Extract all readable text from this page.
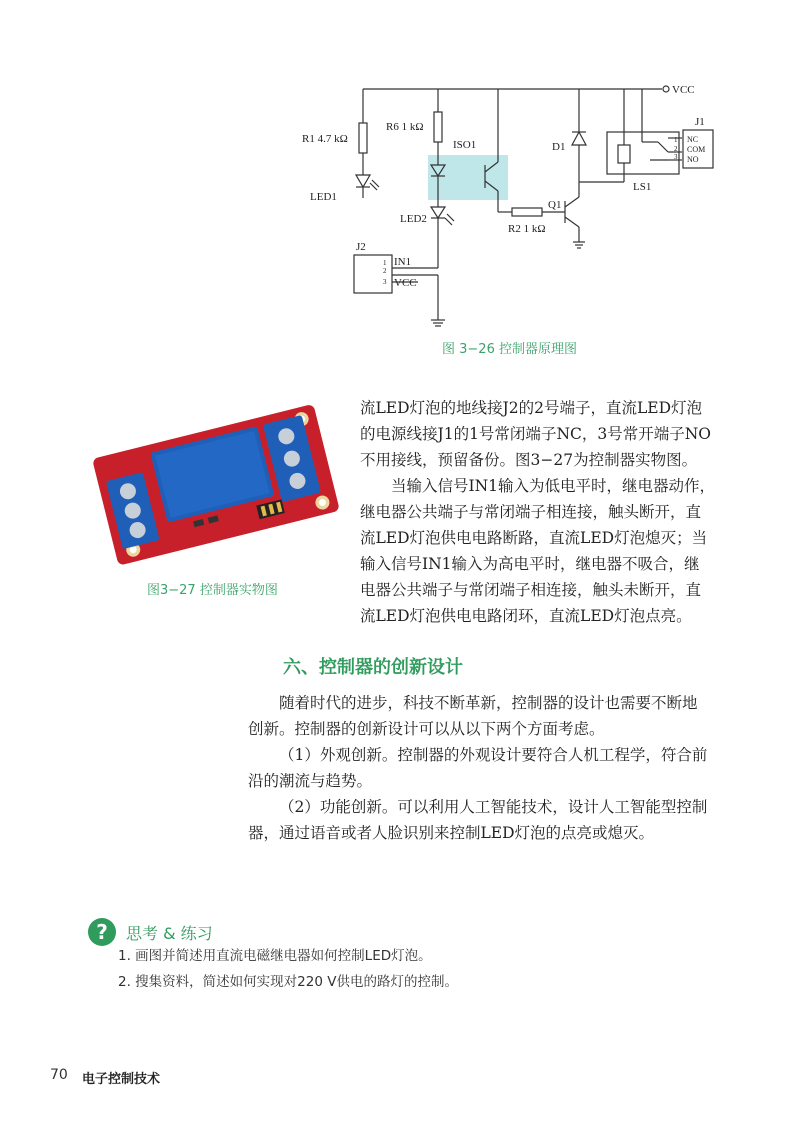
VCC
R1 4.7 kΩ
R6 1 kΩ
ISO1	D1
J1
1
2
3
NC
COM
NO
LS1
LED1
LED2
Q1
R2 1 kΩ
J2
1
2
3
IN1
VCC
图 3−26 控制器原理图
图3−27 控制器实物图

流LED灯泡的地线接J2的2号端子，直流LED灯泡

的电源线接J1的1号常闭端子NC，3号常开端子NO

不用接线，预留备份。图3−27为控制器实物图。

当输入信号IN1输入为低电平时，继电器动作，

继电器公共端子与常闭端子相连接，触头断开，直

流LED灯泡供电电路断路，直流LED灯泡熄灭；当

输入信号IN1输入为高电平时，继电器不吸合，继

电器公共端子与常闭端子相连接，触头未断开，直

流LED灯泡供电电路闭环，直流LED灯泡点亮。

六、控制器的创新设计

随着时代的进步，科技不断革新，控制器的设计也需要不断地

创新。控制器的创新设计可以从以下两个方面考虑。

（1）外观创新。控制器的外观设计要符合人机工程学，符合前

沿的潮流与趋势。

（2）功能创新。可以利用人工智能技术，设计人工智能型控制

器，通过语音或者人脸识别来控制LED灯泡的点亮或熄灭。

?	思考 & 练习
1. 画图并简述用直流电磁继电器如何控制LED灯泡。
2. 搜集资料，简述如何实现对220 V供电的路灯的控制。
70 电子控制技术
